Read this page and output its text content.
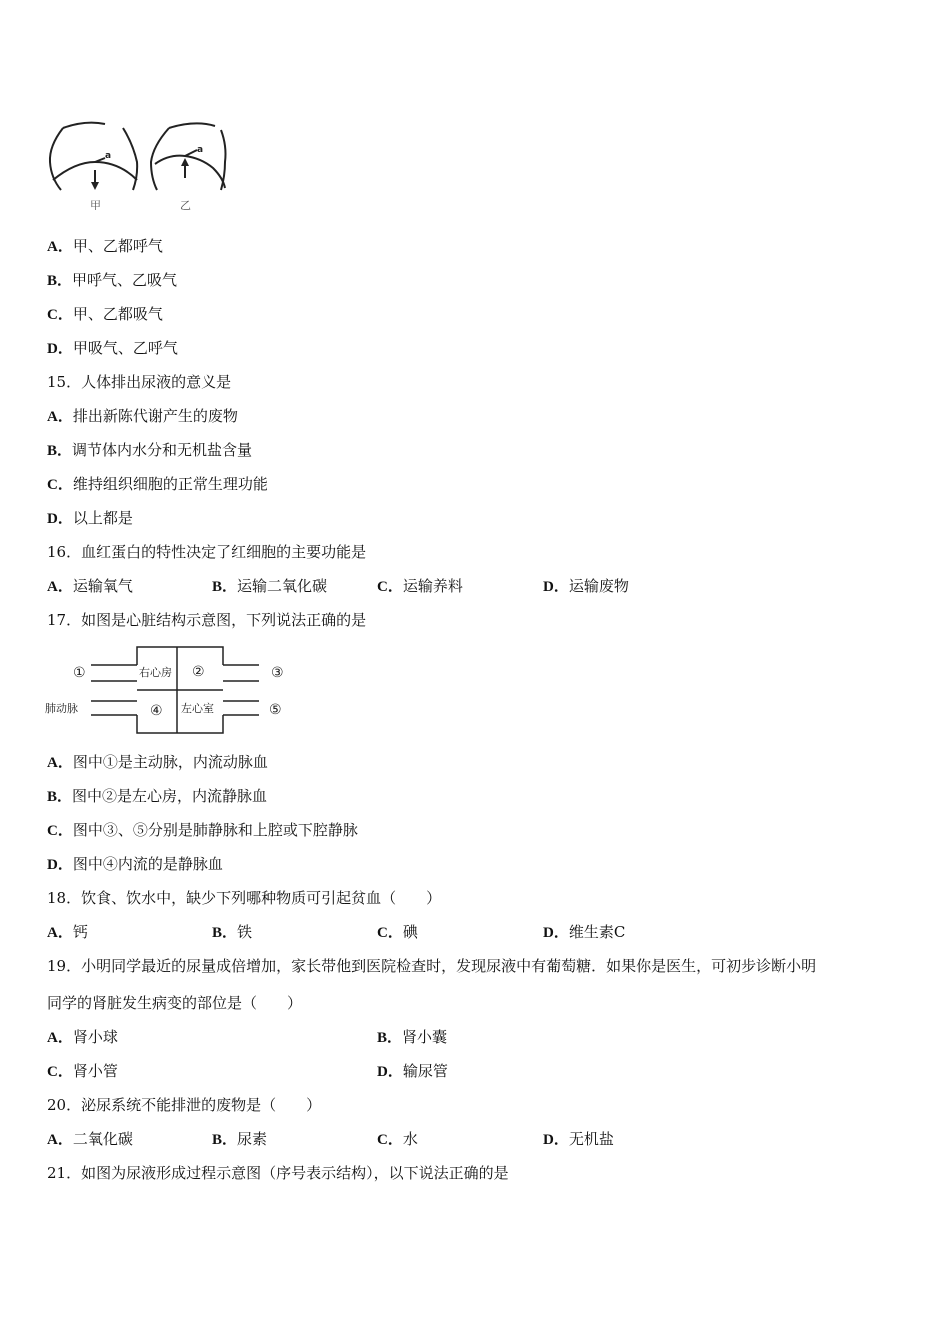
a
a
甲	乙
A．甲、乙都呼气
B．甲呼气、乙吸气
C．甲、乙都吸气
D．甲吸气、乙呼气
15．人体排出尿液的意义是
A．排出新陈代谢产生的废物
B．调节体内水分和无机盐含量
C．维持组织细胞的正常生理功能
D．以上都是
16．血红蛋白的特性决定了红细胞的主要功能是
A．运输氧气	B．运输二氧化碳	C．运输养料	D．运输废物
17．如图是心脏结构示意图，下列说法正确的是
①	右心房 ②	③
肺动脉	④ 左心室	⑤
A．图中①是主动脉，内流动脉血
B．图中②是左心房，内流静脉血
C．图中③、⑤分别是肺静脉和上腔或下腔静脉
D．图中④内流的是静脉血
18．饮食、饮水中，缺少下列哪种物质可引起贫血（　　）
A．钙	B．铁	C．碘	D．维生素C
19．小明同学最近的尿量成倍增加，家长带他到医院检查时，发现尿液中有葡萄糖．如果你是医生，可初步诊断小明
同学的肾脏发生病变的部位是（　　）
A．肾小球	B．肾小囊
C．肾小管	D．输尿管
20．泌尿系统不能排泄的废物是（　　）
A．二氧化碳	B．尿素	C．水	D．无机盐
21．如图为尿液形成过程示意图（序号表示结构），以下说法正确的是
